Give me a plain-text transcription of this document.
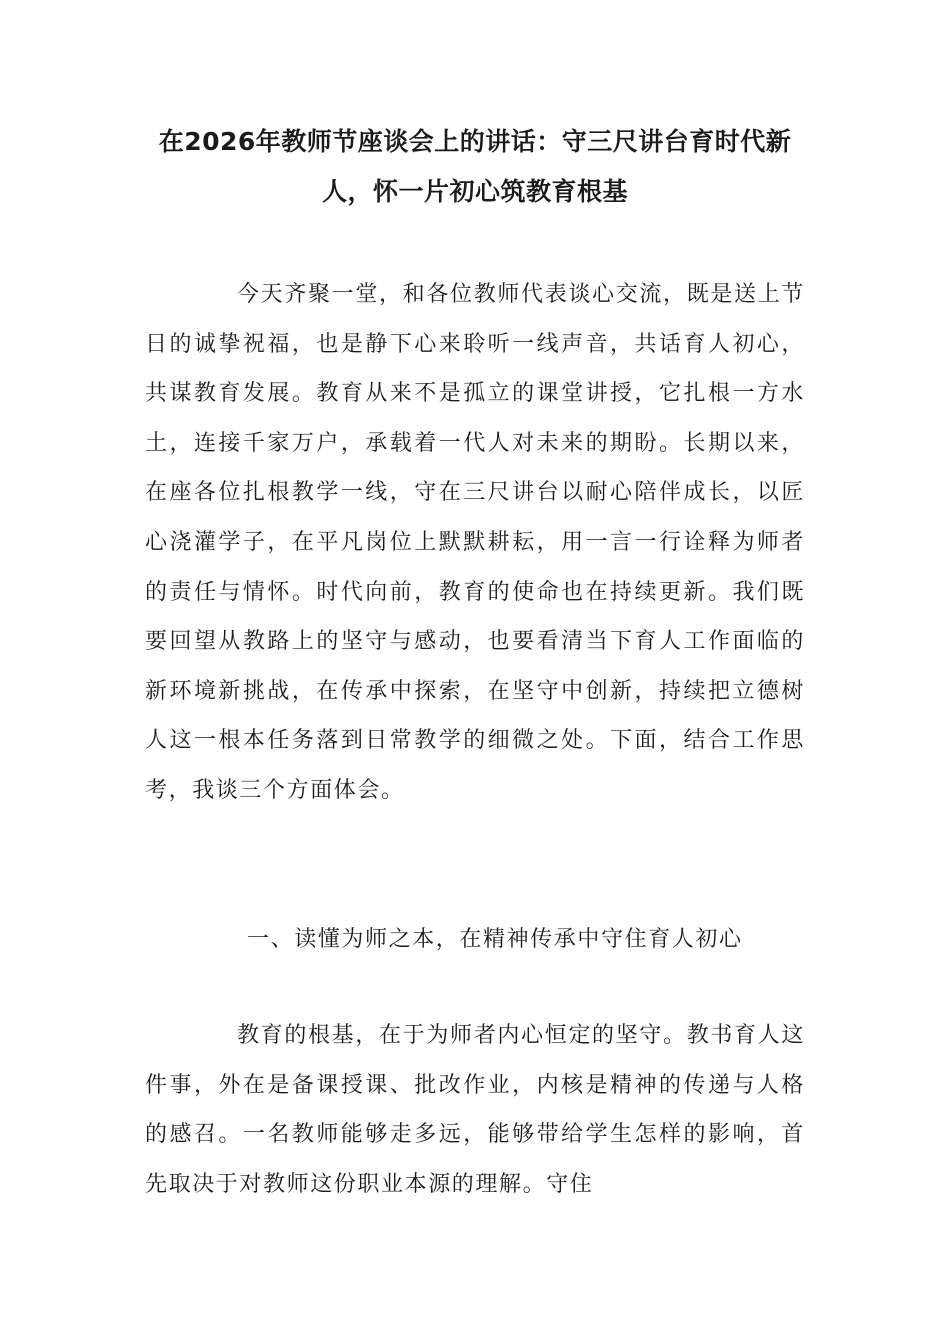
在2026年教师节座谈会上的讲话：守三尺讲台育时代新人，怀一片初心筑教育根基

今天齐聚一堂，和各位教师代表谈心交流，既是送上节日的诚挚祝福，也是静下心来聆听一线声音，共话育人初心，共谋教育发展。教育从来不是孤立的课堂讲授，它扎根一方水土，连接千家万户，承载着一代人对未来的期盼。长期以来，在座各位扎根教学一线，守在三尺讲台以耐心陪伴成长，以匠心浇灌学子，在平凡岗位上默默耕耘，用一言一行诠释为师者的责任与情怀。时代向前，教育的使命也在持续更新。我们既要回望从教路上的坚守与感动，也要看清当下育人工作面临的新环境新挑战，在传承中探索，在坚守中创新，持续把立德树人这一根本任务落到日常教学的细微之处。下面，结合工作思考，我谈三个方面体会。

一、读懂为师之本，在精神传承中守住育人初心

教育的根基，在于为师者内心恒定的坚守。教书育人这件事，外在是备课授课、批改作业，内核是精神的传递与人格的感召。一名教师能够走多远，能够带给学生怎样的影响，首先取决于对教师这份职业本源的理解。守住
